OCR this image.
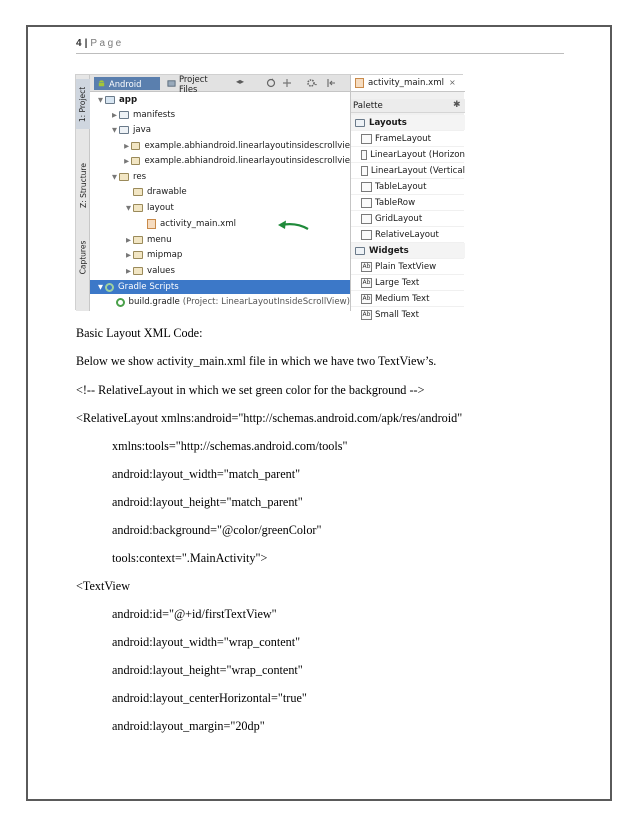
4 | Page
1: Project
Z: Structure
Captures
Android	Project Files
◂▸
▼ app
▶ manifests
▼ java
▶ example.abhiandroid.linearlayoutinsidescrollvie
▶ example.abhiandroid.linearlayoutinsidescrollvie
▼ res
drawable
▼ layout
activity_main.xml
▶ menu
▶ mipmap
▶ values
▼ Gradle Scripts
build.gradle (Project: LinearLayoutInsideScrollView)
activity_main.xml ×
Palette	✱
Layouts
FrameLayout
LinearLayout (Horizon
LinearLayout (Vertical
TableLayout
TableRow
GridLayout
RelativeLayout
Widgets
Ab Plain TextView
Ab Large Text
Ab Medium Text
Ab Small Text
Basic Layout XML Code:
Below we show activity_main.xml file in which we have two TextView’s.
<!-- RelativeLayout in which we set green color for the background -->
<RelativeLayout xmlns:android="http://schemas.android.com/apk/res/android"
xmlns:tools="http://schemas.android.com/tools"
android:layout_width="match_parent"
android:layout_height="match_parent"
android:background="@color/greenColor"
tools:context=".MainActivity">
<TextView
android:id="@+id/firstTextView"
android:layout_width="wrap_content"
android:layout_height="wrap_content"
android:layout_centerHorizontal="true"
android:layout_margin="20dp"
